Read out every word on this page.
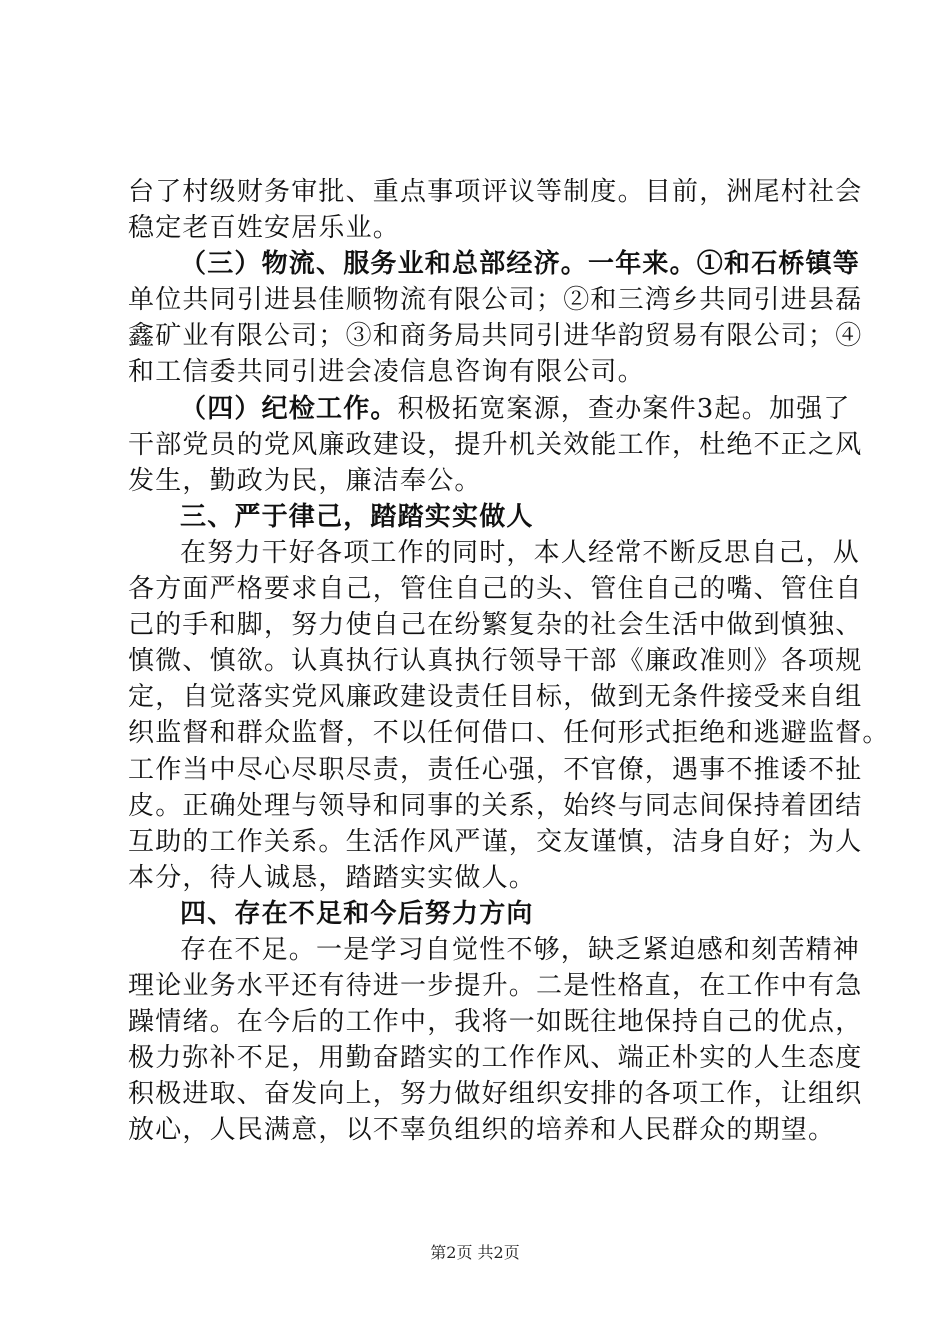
台了村级财务审批、重点事项评议等制度。目前，洲尾村社会
稳定老百姓安居乐业。
（三）物流、服务业和总部经济。一年来。①和石桥镇等
单位共同引进县佳顺物流有限公司；②和三湾乡共同引进县磊
鑫矿业有限公司；③和商务局共同引进华韵贸易有限公司；④
和工信委共同引进会凌信息咨询有限公司。
（四）纪检工作。积极拓宽案源，查办案件3起。加强了
干部党员的党风廉政建设，提升机关效能工作，杜绝不正之风
发生，勤政为民，廉洁奉公。
三、严于律己，踏踏实实做人
在努力干好各项工作的同时，本人经常不断反思自己，从
各方面严格要求自己，管住自己的头、管住自己的嘴、管住自
己的手和脚，努力使自己在纷繁复杂的社会生活中做到慎独、
慎微、慎欲。认真执行认真执行领导干部《廉政准则》各项规
定，自觉落实党风廉政建设责任目标，做到无条件接受来自组
织监督和群众监督，不以任何借口、任何形式拒绝和逃避监督。
工作当中尽心尽职尽责，责任心强，不官僚，遇事不推诿不扯
皮。正确处理与领导和同事的关系，始终与同志间保持着团结
互助的工作关系。生活作风严谨，交友谨慎，洁身自好；为人
本分，待人诚恳，踏踏实实做人。
四、存在不足和今后努力方向
存在不足。一是学习自觉性不够，缺乏紧迫感和刻苦精神
理论业务水平还有待进一步提升。二是性格直，在工作中有急
躁情绪。在今后的工作中，我将一如既往地保持自己的优点，
极力弥补不足，用勤奋踏实的工作作风、端正朴实的人生态度
积极进取、奋发向上，努力做好组织安排的各项工作，让组织
放心，人民满意，以不辜负组织的培养和人民群众的期望。
第2页 共2页
